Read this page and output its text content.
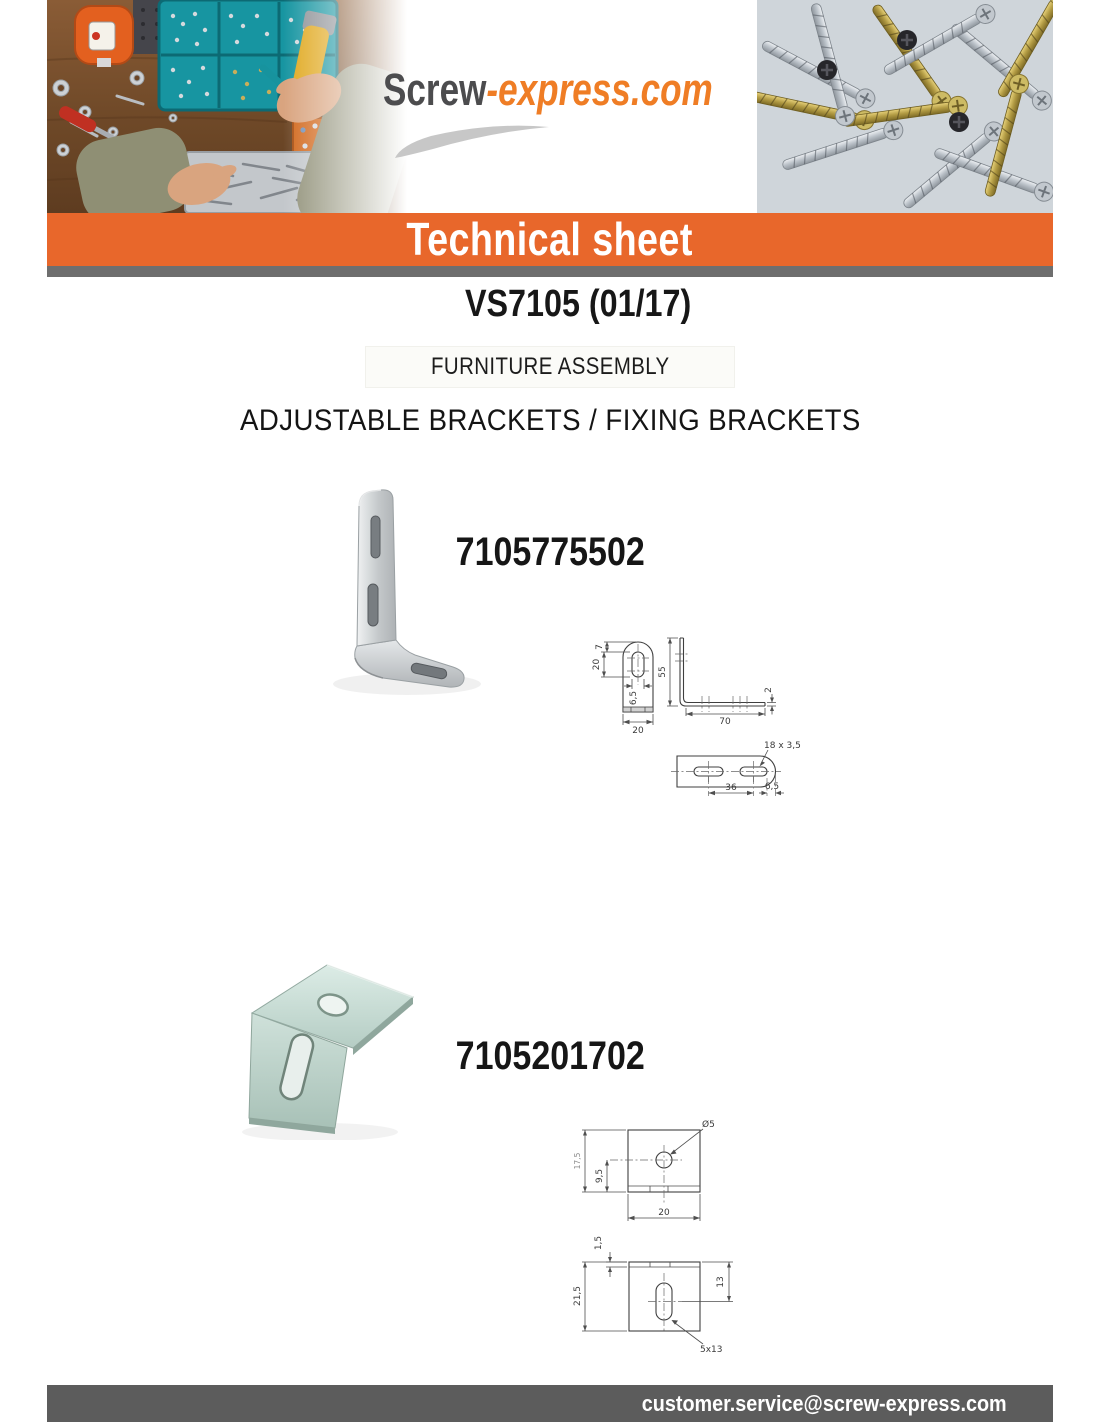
Screw-express.com
Technical sheet
VS7105 (01/17)
FURNITURE ASSEMBLY
ADJUSTABLE BRACKETS / FIXING BRACKETS
7105775502
7
20
6,5
20
55
70
2
18 x 3,5
36	6,5
7105201702
Ø5
17,5
9,5
20
1,5
21,5
13
5x13
customer.service@screw-express.com
